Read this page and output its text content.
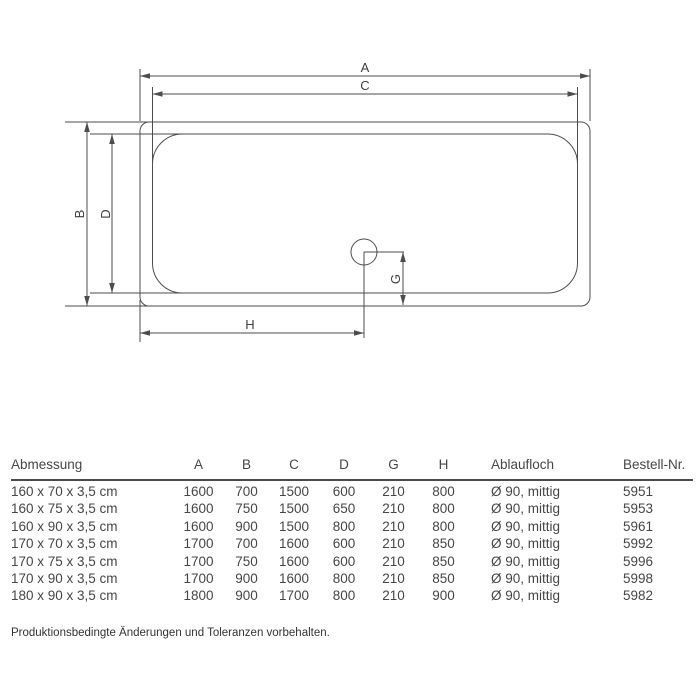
A
C
B D
G
H
Abmessung	A	B	C	D	G	H	Ablaufloch	Bestell-Nr.
160 x 70 x 3,5 cm	1600	700	1500	600	210	800	Ø 90, mittig	5951
160 x 75 x 3,5 cm	1600	750	1500	650	210	800	Ø 90, mittig	5953
160 x 90 x 3,5 cm	1600	900	1500	800	210	800	Ø 90, mittig	5961
170 x 70 x 3,5 cm	1700	700	1600	600	210	850	Ø 90, mittig	5992
170 x 75 x 3,5 cm	1700	750	1600	600	210	850	Ø 90, mittig	5996
170 x 90 x 3,5 cm	1700	900	1600	800	210	850	Ø 90, mittig	5998
180 x 90 x 3,5 cm	1800	900	1700	800	210	900	Ø 90, mittig	5982
Produktionsbedingte Änderungen und Toleranzen vorbehalten.
